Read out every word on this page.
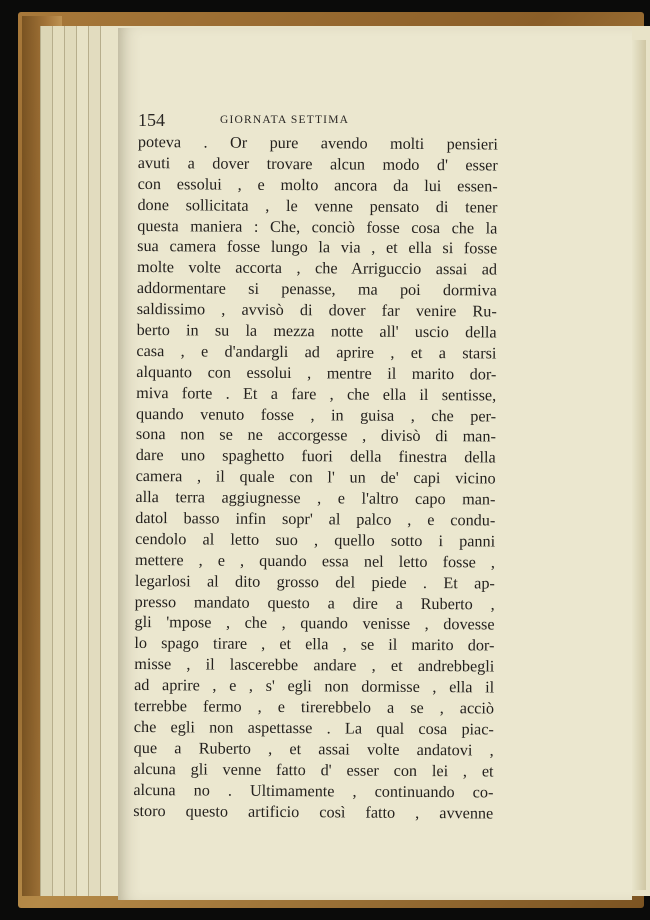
154	GIORNATA SETTIMA
poteva . Or pure avendo molti pensieri
avuti a dover trovare alcun modo d' esser
con essolui , e molto ancora da lui essen-
done sollicitata , le venne pensato di tener
questa maniera : Che, conciò fosse cosa che la
sua camera fosse lungo la via , et ella si fosse
molte volte accorta , che Arriguccio assai ad
addormentare si penasse, ma poi dormiva
saldissimo , avvisò di dover far venire Ru-
berto in su la mezza notte all' uscio della
casa , e d'andargli ad aprire , et a starsi
alquanto con essolui , mentre il marito dor-
miva forte . Et a fare , che ella il sentisse,
quando venuto fosse , in guisa , che per-
sona non se ne accorgesse , divisò di man-
dare uno spaghetto fuori della finestra della
camera , il quale con l' un de' capi vicino
alla terra aggiugnesse , e l'altro capo man-
datol basso infin sopr' al palco , e condu-
cendolo al letto suo , quello sotto i panni
mettere , e , quando essa nel letto fosse ,
legarlosi al dito grosso del piede . Et ap-
presso mandato questo a dire a Ruberto ,
gli 'mpose , che , quando venisse , dovesse
lo spago tirare , et ella , se il marito dor-
misse , il lascerebbe andare , et andrebbegli
ad aprire , e , s' egli non dormisse , ella il
terrebbe fermo , e tirerebbelo a se , acciò
che egli non aspettasse . La qual cosa piac-
que a Ruberto , et assai volte andatovi ,
alcuna gli venne fatto d' esser con lei , et
alcuna no . Ultimamente , continuando co-
storo questo artificio così fatto , avvenne
